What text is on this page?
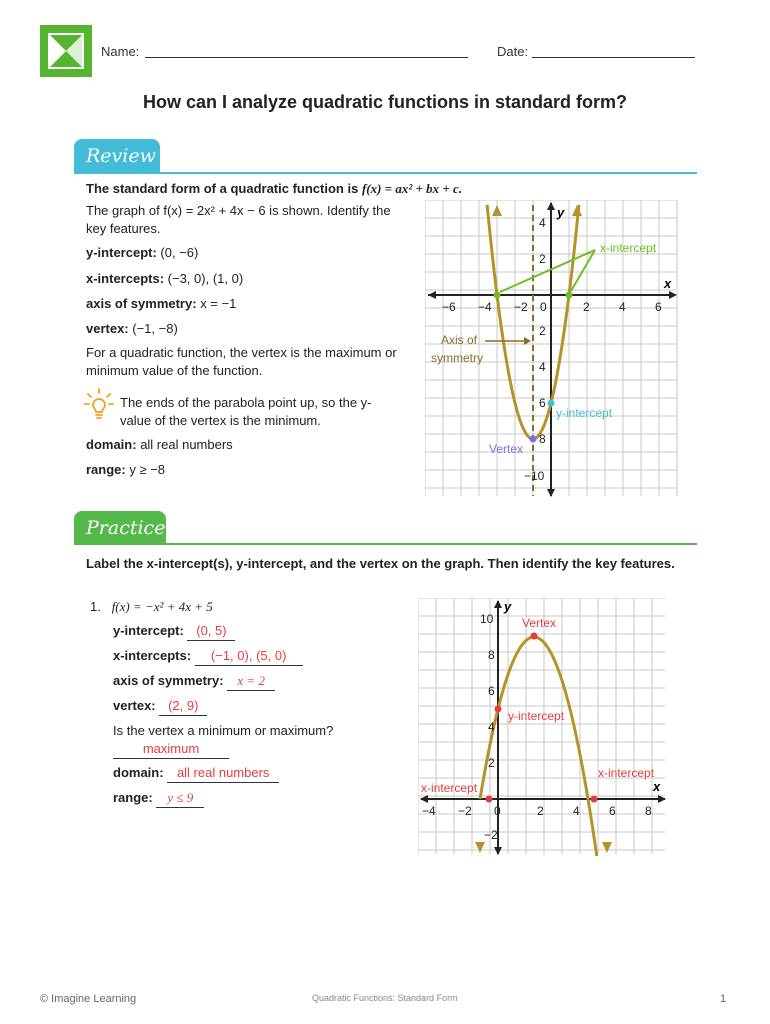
Name:	Date:
How can I analyze quadratic functions in standard form?
Review
The standard form of a quadratic function is f(x) = ax² + bx + c.
The graph of f(x) = 2x² + 4x − 6 is shown. Identify the key features.
y-intercept: (0, −6)
x-intercepts: (−3, 0), (1, 0)
axis of symmetry: x = −1
vertex: (−1, −8)
For a quadratic function, the vertex is the maximum or minimum value of the function.
The ends of the parabola point up, so the y-value of the vertex is the minimum.
domain: all real numbers
range: y ≥ −8
−6 −4 −2 0	2 4 6
4
2
2
4
6
8
−10
x
y
x-intercept
Axis of
symmetry
y-intercept
Vertex
Practice
Label the x-intercept(s), y-intercept, and the vertex on the graph. Then identify the key features.
1. f(x) = −x² + 4x + 5
y-intercept: (0, 5)
x-intercepts: (−1, 0), (5, 0)
axis of symmetry: x = 2
vertex: (2, 9)
Is the vertex a minimum or maximum?
maximum
domain: all real numbers
range: y ≤ 9
−4 −2 0	2 4 6 8
10
8
6
4
2
−2
x
y
Vertex
y-intercept
x-intercept
x-intercept
© Imagine Learning	Quadratic Functions: Standard Form	1
